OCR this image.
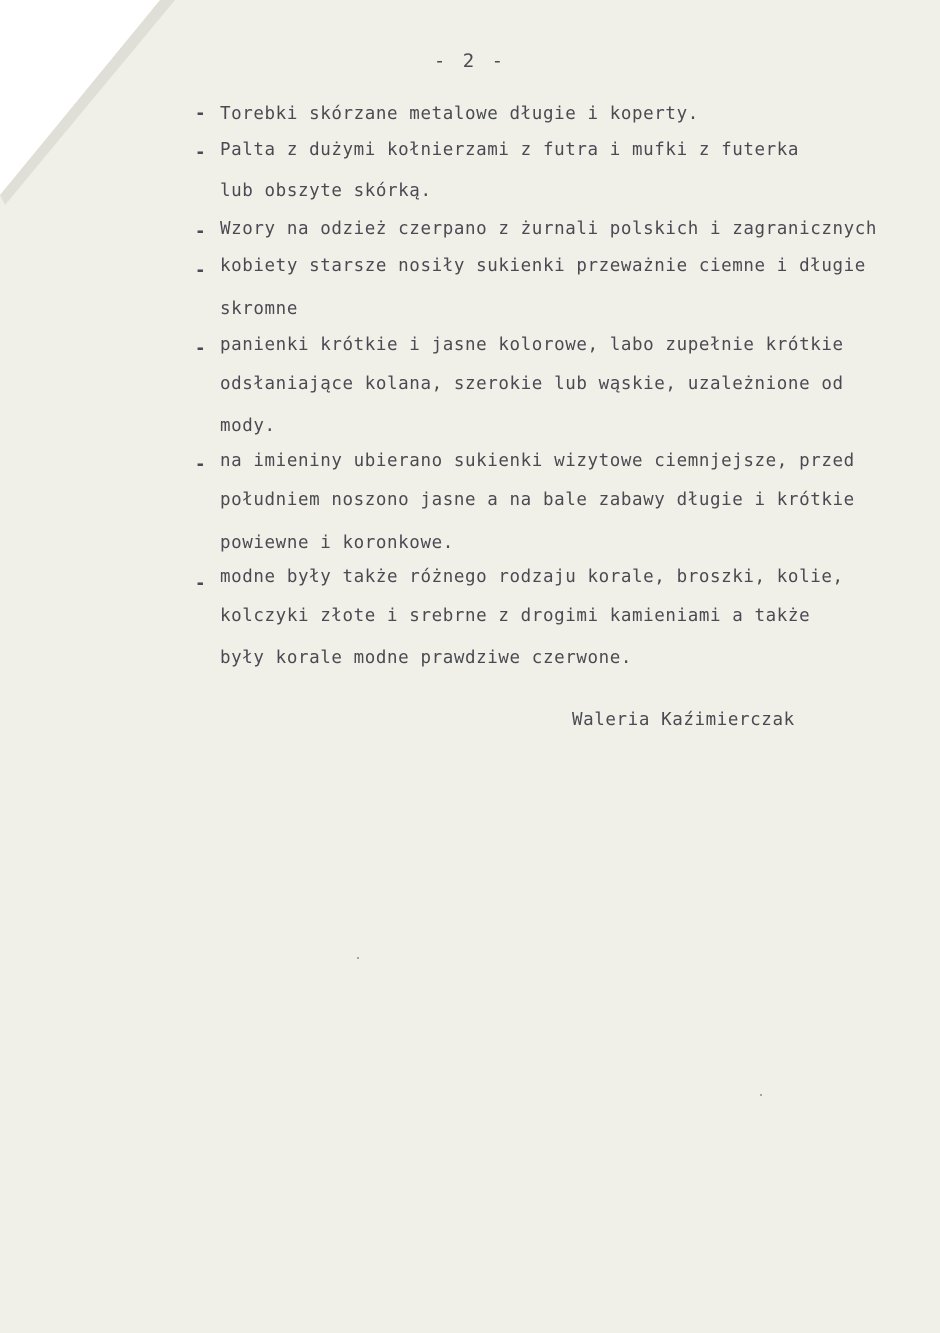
- 2 -
- Torebki skórzane metalowe długie i koperty.
- Palta z dużymi kołnierzami z futra i mufki z futerka
lub obszyte skórką.
- Wzory na odzież czerpano z żurnali polskich i zagranicznych
- kobiety starsze nosiły sukienki przeważnie ciemne i długie
skromne
- panienki krótkie i jasne kolorowe, labo zupełnie krótkie
odsłaniające kolana, szerokie lub wąskie, uzależnione od
mody.
- na imieniny ubierano sukienki wizytowe ciemnjejsze, przed
południem noszono jasne a na bale zabawy długie i krótkie
powiewne i koronkowe.
- modne były także różnego rodzaju korale, broszki, kolie,
kolczyki złote i srebrne z drogimi kamieniami a także
były korale modne prawdziwe czerwone.
Waleria Kaźimierczak
